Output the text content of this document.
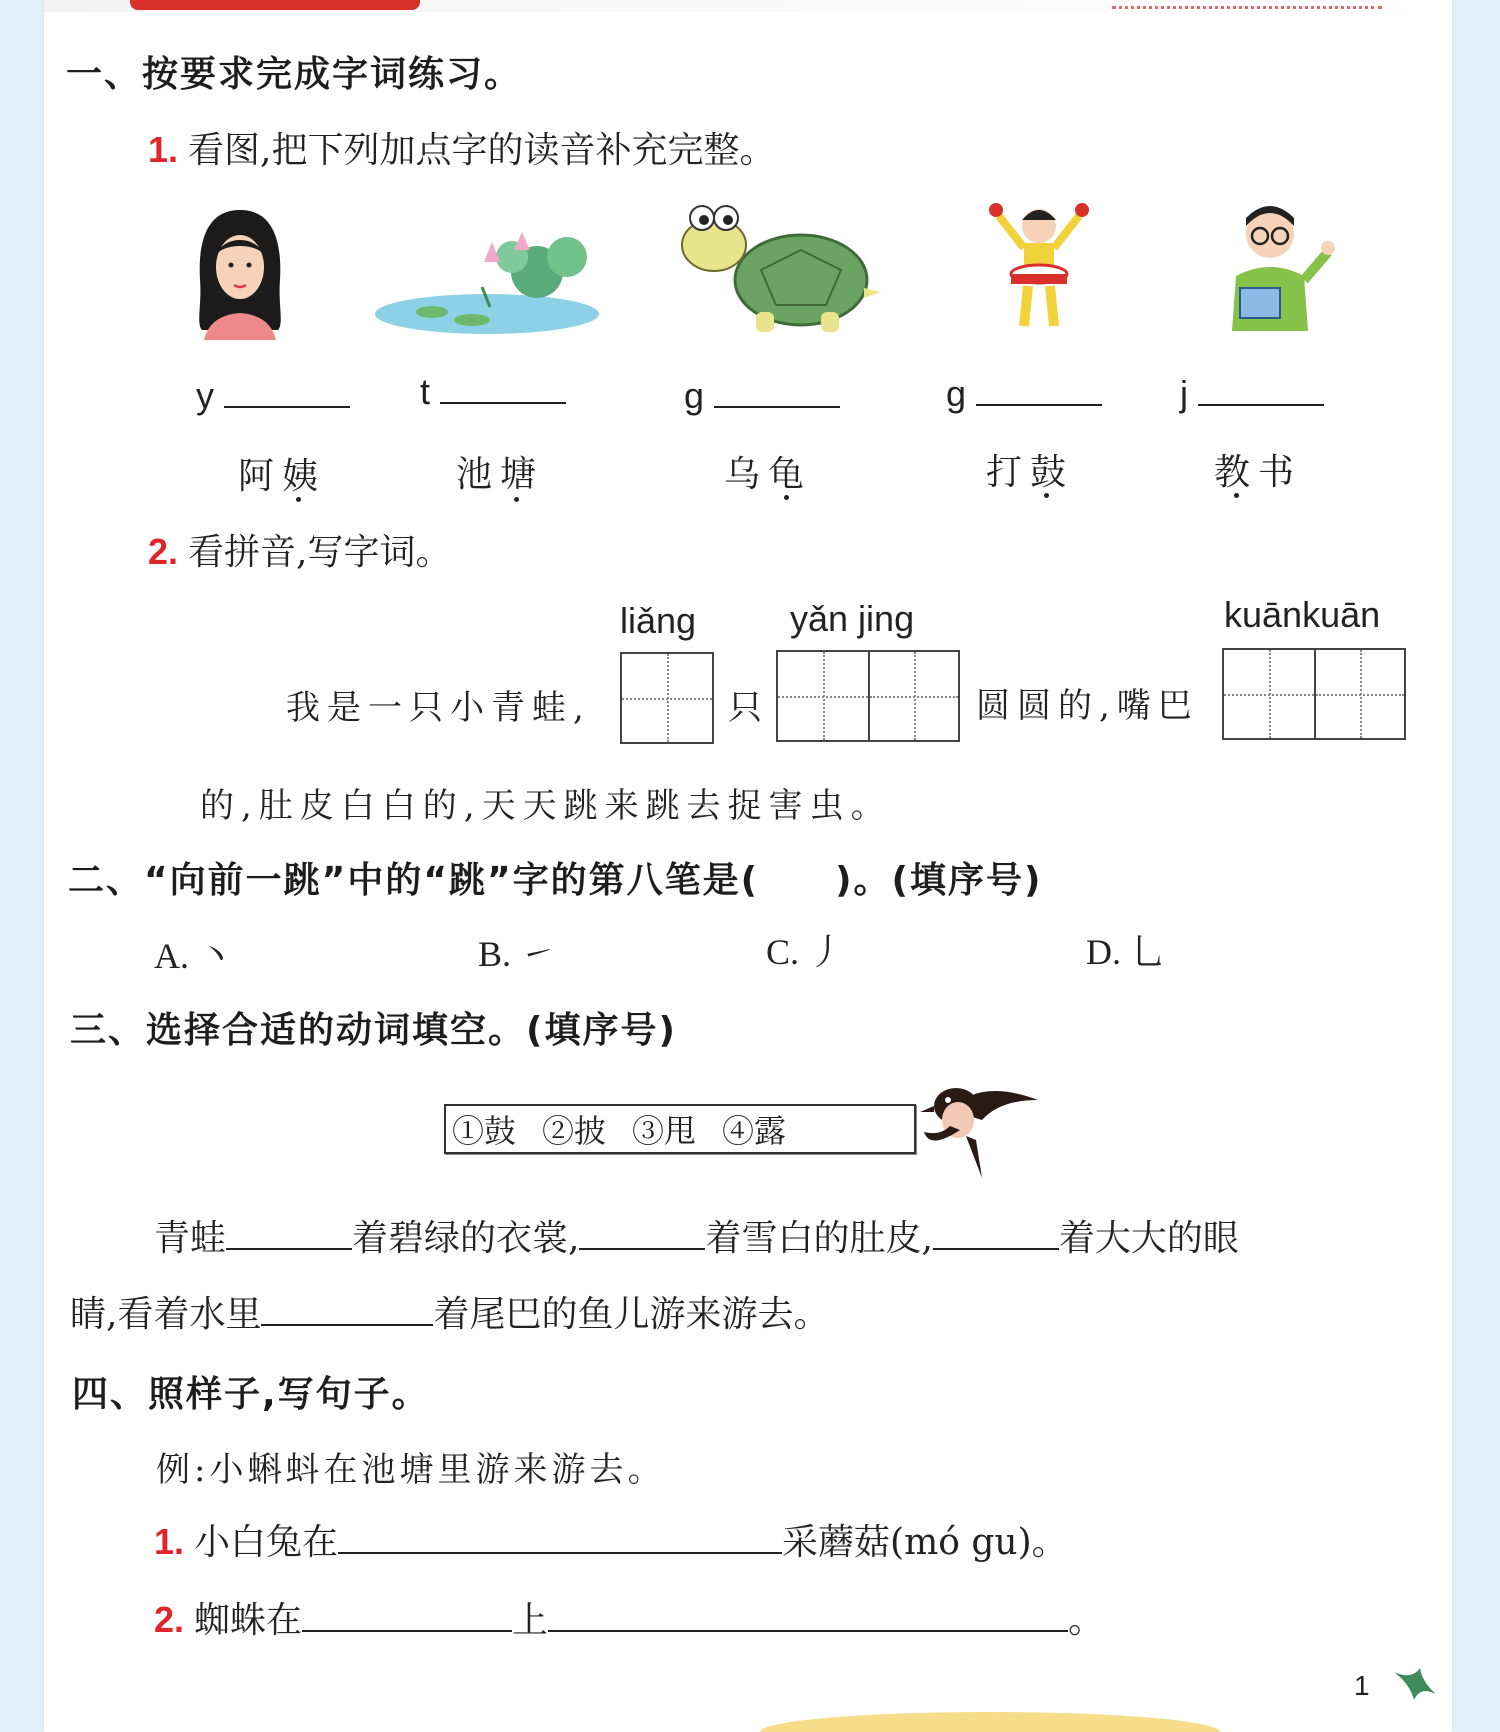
一、按要求完成字词练习。
1. 看图,把下列加点字的读音补充完整。
y	t	g	g	j
阿姨	池塘	乌龟	打鼓	教书
2. 看拼音,写字词。
liǎng	yǎn jing	kuānkuān
我是一只小青蛙,	只	圆圆的,嘴巴
的,肚皮白白的,天天跳来跳去捉害虫。
二、“向前一跳”中的“跳”字的第八笔是(　　)。(填序号)
A. 丶	B. ㇀	C. 丿	D. 乚
三、选择合适的动词填空。(填序号)
①鼓 ②披 ③甩 ④露
青蛙	着碧绿的衣裳,	着雪白的肚皮,	着大大的眼
睛,看着水里	着尾巴的鱼儿游来游去。
四、照样子,写句子。
例:小蝌蚪在池塘里游来游去。
1. 小白兔在	采蘑菇(mó gu)。
2. 蜘蛛在	上	。
1
